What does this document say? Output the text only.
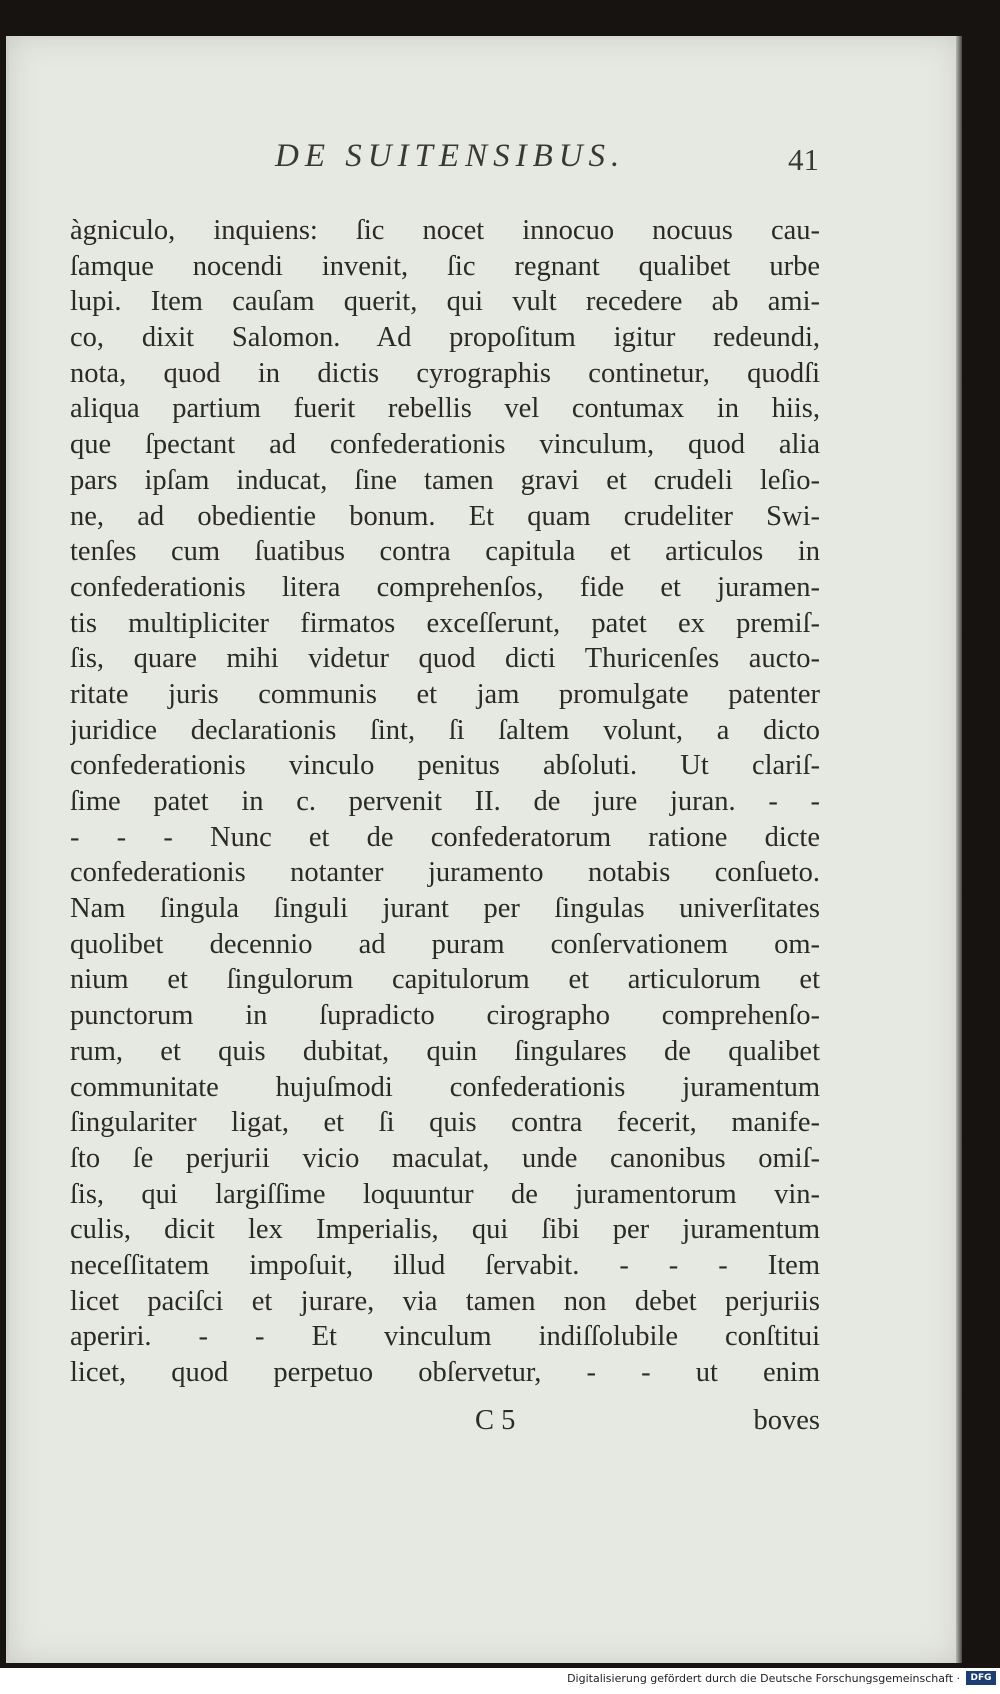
DE SUITENSIBUS.	41
àgniculo, inquiens: ſic nocet innocuo nocuus cau-
ſamque nocendi invenit, ſic regnant qualibet urbe
lupi. Item cauſam querit, qui vult recedere ab ami-
co, dixit Salomon. Ad propoſitum igitur redeundi,
nota, quod in dictis cyrographis continetur, quodſi
aliqua partium fuerit rebellis vel contumax in hiis,
que ſpectant ad confederationis vinculum, quod alia
pars ipſam inducat, ſine tamen gravi et crudeli leſio-
ne, ad obedientie bonum. Et quam crudeliter Swi-
tenſes cum ſuatibus contra capitula et articulos in
confederationis litera comprehenſos, fide et juramen-
tis multipliciter firmatos exceſſerunt, patet ex premiſ-
ſis, quare mihi videtur quod dicti Thuricenſes aucto-
ritate juris communis et jam promulgate patenter
juridice declarationis ſint, ſi ſaltem volunt, a dicto
confederationis vinculo penitus abſoluti. Ut clariſ-
ſime patet in c. pervenit II. de jure juran. - -
- - - Nunc et de confederatorum ratione dicte
confederationis notanter juramento notabis conſueto.
Nam ſingula ſinguli jurant per ſingulas univerſitates
quolibet decennio ad puram conſervationem om-
nium et ſingulorum capitulorum et articulorum et
punctorum in ſupradicto cirographo comprehenſo-
rum, et quis dubitat, quin ſingulares de qualibet
communitate hujuſmodi confederationis juramentum
ſingulariter ligat, et ſi quis contra fecerit, manife-
ſto ſe perjurii vicio maculat, unde canonibus omiſ-
ſis, qui largiſſime loquuntur de juramentorum vin-
culis, dicit lex Imperialis, qui ſibi per juramentum
neceſſitatem impoſuit, illud ſervabit. - - - Item
licet paciſci et jurare, via tamen non debet perjuriis
aperiri. - - Et vinculum indiſſolubile conſtitui
licet, quod perpetuo obſervetur, - - ut enim
C 5	boves
Digitalisierung gefördert durch die Deutsche Forschungsgemeinschaft ·	DFG
